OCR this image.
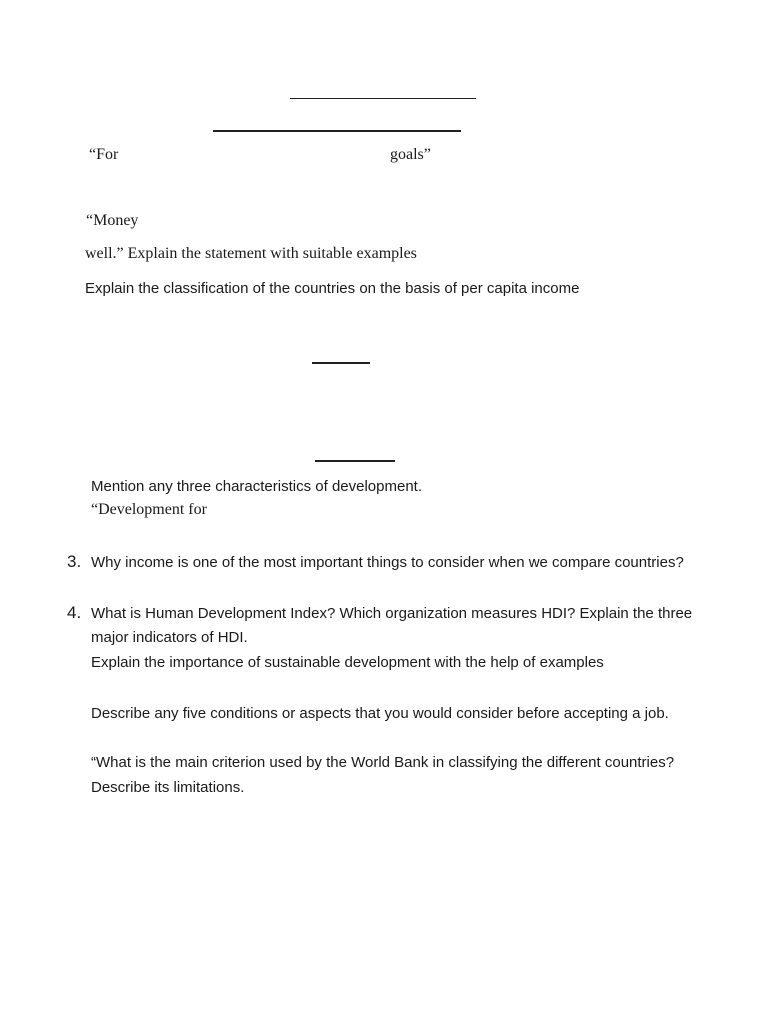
“For	goals”
“Money
well.” Explain the statement with suitable examples
Explain the classification of the countries on the basis of per capita income
Mention any three characteristics of development.
“Development for
3. Why income is one of the most important things to consider when we compare countries?
4. What is Human Development Index? Which organization measures HDI? Explain the three
major indicators of HDI.
Explain the importance of sustainable development with the help of examples
Describe any five conditions or aspects that you would consider before accepting a job.
“What is the main criterion used by the World Bank in classifying the different countries?
Describe its limitations.
